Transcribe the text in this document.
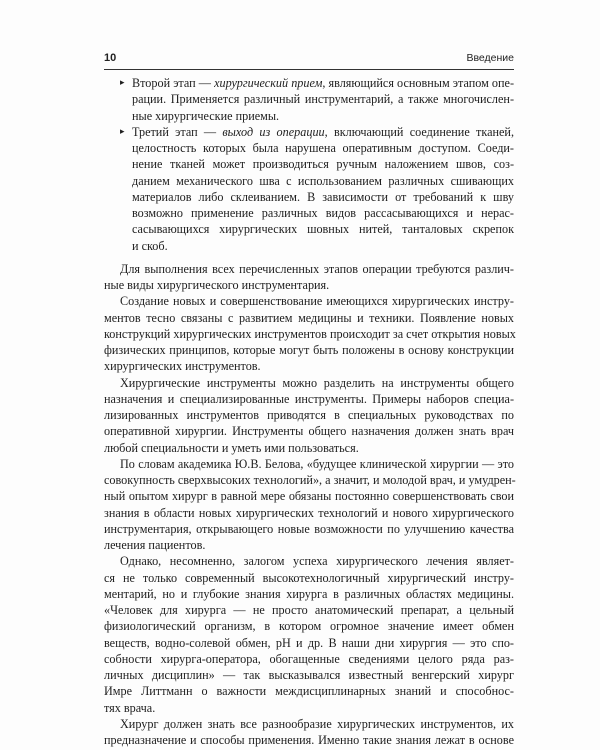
10	Введение
▸ Второй этап — хирургический прием, являющийся основным этапом опе-
рации. Применяется различный инструментарий, а также многочислен-
ные хирургические приемы.
▸ Третий этап — выход из операции, включающий соединение тканей,
целостность которых была нарушена оперативным доступом. Соеди-
нение тканей может производиться ручным наложением швов, соз-
данием механического шва с использованием различных сшивающих
материалов либо склеиванием. В зависимости от требований к шву
возможно применение различных видов рассасывающихся и нерас-
сасывающихся хирургических шовных нитей, танталовых скрепок
и скоб.
Для выполнения всех перечисленных этапов операции требуются различ-
ные виды хирургического инструментария.
Создание новых и совершенствование имеющихся хирургических инстру-
ментов тесно связаны с развитием медицины и техники. Появление новых
конструкций хирургических инструментов происходит за счет открытия новых
физических принципов, которые могут быть положены в основу конструкции
хирургических инструментов.
Хирургические инструменты можно разделить на инструменты общего
назначения и специализированные инструменты. Примеры наборов специа-
лизированных инструментов приводятся в специальных руководствах по
оперативной хирургии. Инструменты общего назначения должен знать врач
любой специальности и уметь ими пользоваться.
По словам академика Ю.В. Белова, «будущее клинической хирургии — это
совокупность сверхвысоких технологий», а значит, и молодой врач, и умудрен-
ный опытом хирург в равной мере обязаны постоянно совершенствовать свои
знания в области новых хирургических технологий и нового хирургического
инструментария, открывающего новые возможности по улучшению качества
лечения пациентов.
Однако, несомненно, залогом успеха хирургического лечения являет-
ся не только современный высокотехнологичный хирургический инстру-
ментарий, но и глубокие знания хирурга в различных областях медицины.
«Человек для хирурга — не просто анатомический препарат, а цельный
физиологический организм, в котором огромное значение имеет обмен
веществ, водно-солевой обмен, pH и др. В наши дни хирургия — это спо-
собности хирурга-оператора, обогащенные сведениями целого ряда раз-
личных дисциплин» — так высказывался известный венгерский хирург
Имре Литтманн о важности междисциплинарных знаний и способнос-
тях врача.
Хирург должен знать все разнообразие хирургических инструментов, их
предназначение и способы применения. Именно такие знания лежат в основе
